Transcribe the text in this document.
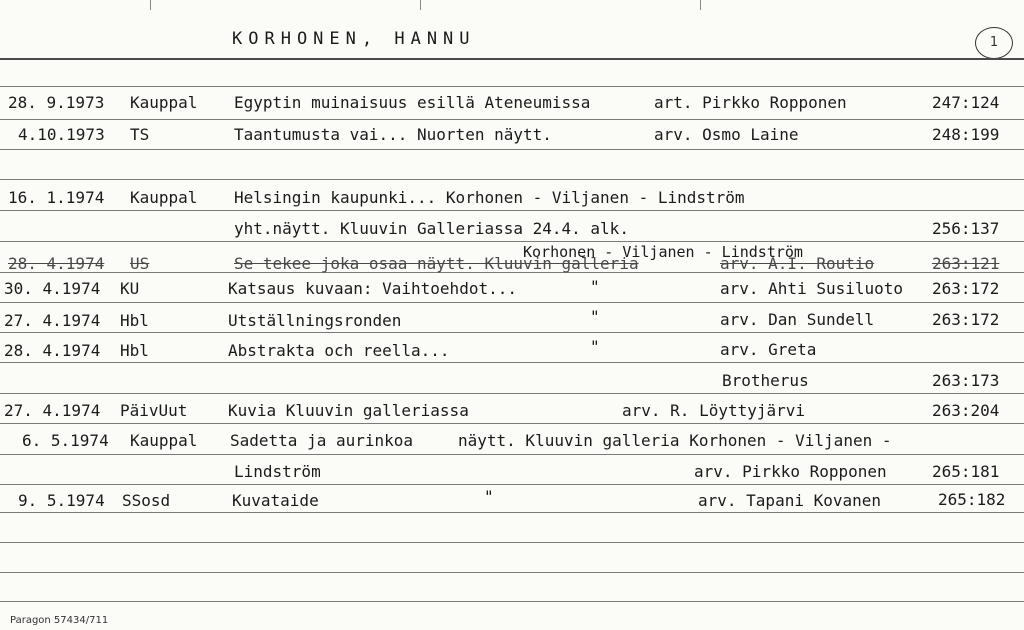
KORHONEN, HANNU	1
28. 9.1973 Kauppal Egyptin muinaisuus esillä Ateneumissa	art. Pirkko Ropponen	247:124
4.10.1973 TS	Taantumusta vai... Nuorten näytt.	arv. Osmo Laine	248:199
16. 1.1974 Kauppal Helsingin kaupunki... Korhonen - Viljanen - Lindström
yht.näytt. Kluuvin Galleriassa 24.4. alk.	256:137
Korhonen - Viljanen - Lindström
28. 4.1974 US	Se tekee joka osaa näytt. Kluuvin galleria	arv. A.I. Routio	263:121
30. 4.1974 KU	Katsaus kuvaan: Vaihtoehdot...	"	arv. Ahti Susiluoto 263:172
27. 4.1974 Hbl	Utställningsronden	"	arv. Dan Sundell	263:172
28. 4.1974 Hbl	Abstrakta och reella...	"	arv. Greta
Brotherus	263:173
27. 4.1974 PäivUut	Kuvia Kluuvin galleriassa	arv. R. Löyttyjärvi	263:204
6. 5.1974 Kauppal Sadetta ja aurinkoa	näytt. Kluuvin galleria Korhonen - Viljanen -
Lindström	arv. Pirkko Ropponen	265:181
9. 5.1974 SSosd	Kuvataide	"	arv. Tapani Kovanen	265:182
Paragon 57434/711
